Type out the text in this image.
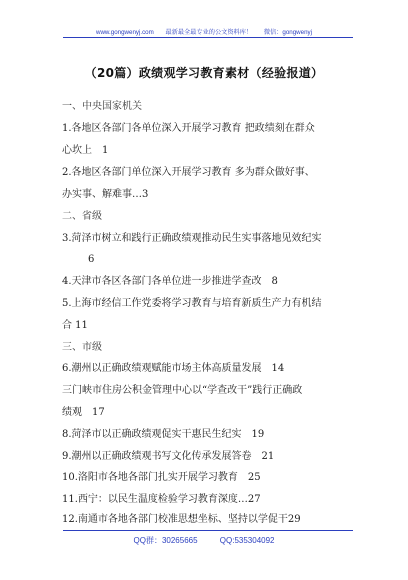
www.gongwenyj.com 最新最全最专业的公文资料库！ 微信：gongwenyj
（20篇）政绩观学习教育素材（经验报道）
一、中央国家机关
1.各地区各部门各单位深入开展学习教育 把政绩刻在群众
心坎上　1
2.各地区各部门单位深入开展学习教育 多为群众做好事、
办实事、解难事…3
二、省级
3.菏泽市树立和践行正确政绩观推动民生实事落地见效纪实
6
4.天津市各区各部门各单位进一步推进学查改　8
5.上海市经信工作党委将学习教育与培育新质生产力有机结
合 11
三、市级
6.潮州以正确政绩观赋能市场主体高质量发展　14
三门峡市住房公积金管理中心以“学查改干”践行正确政
绩观　17
8.菏泽市以正确政绩观促实干惠民生纪实　19
9.潮州以正确政绩观书写文化传承发展答卷　21
10.洛阳市各地各部门扎实开展学习教育　25
11.西宁：以民生温度检验学习教育深度…27
12.南通市各地各部门校准思想坐标、坚持以学促干29
QQ群：30265665	QQ:535304092
